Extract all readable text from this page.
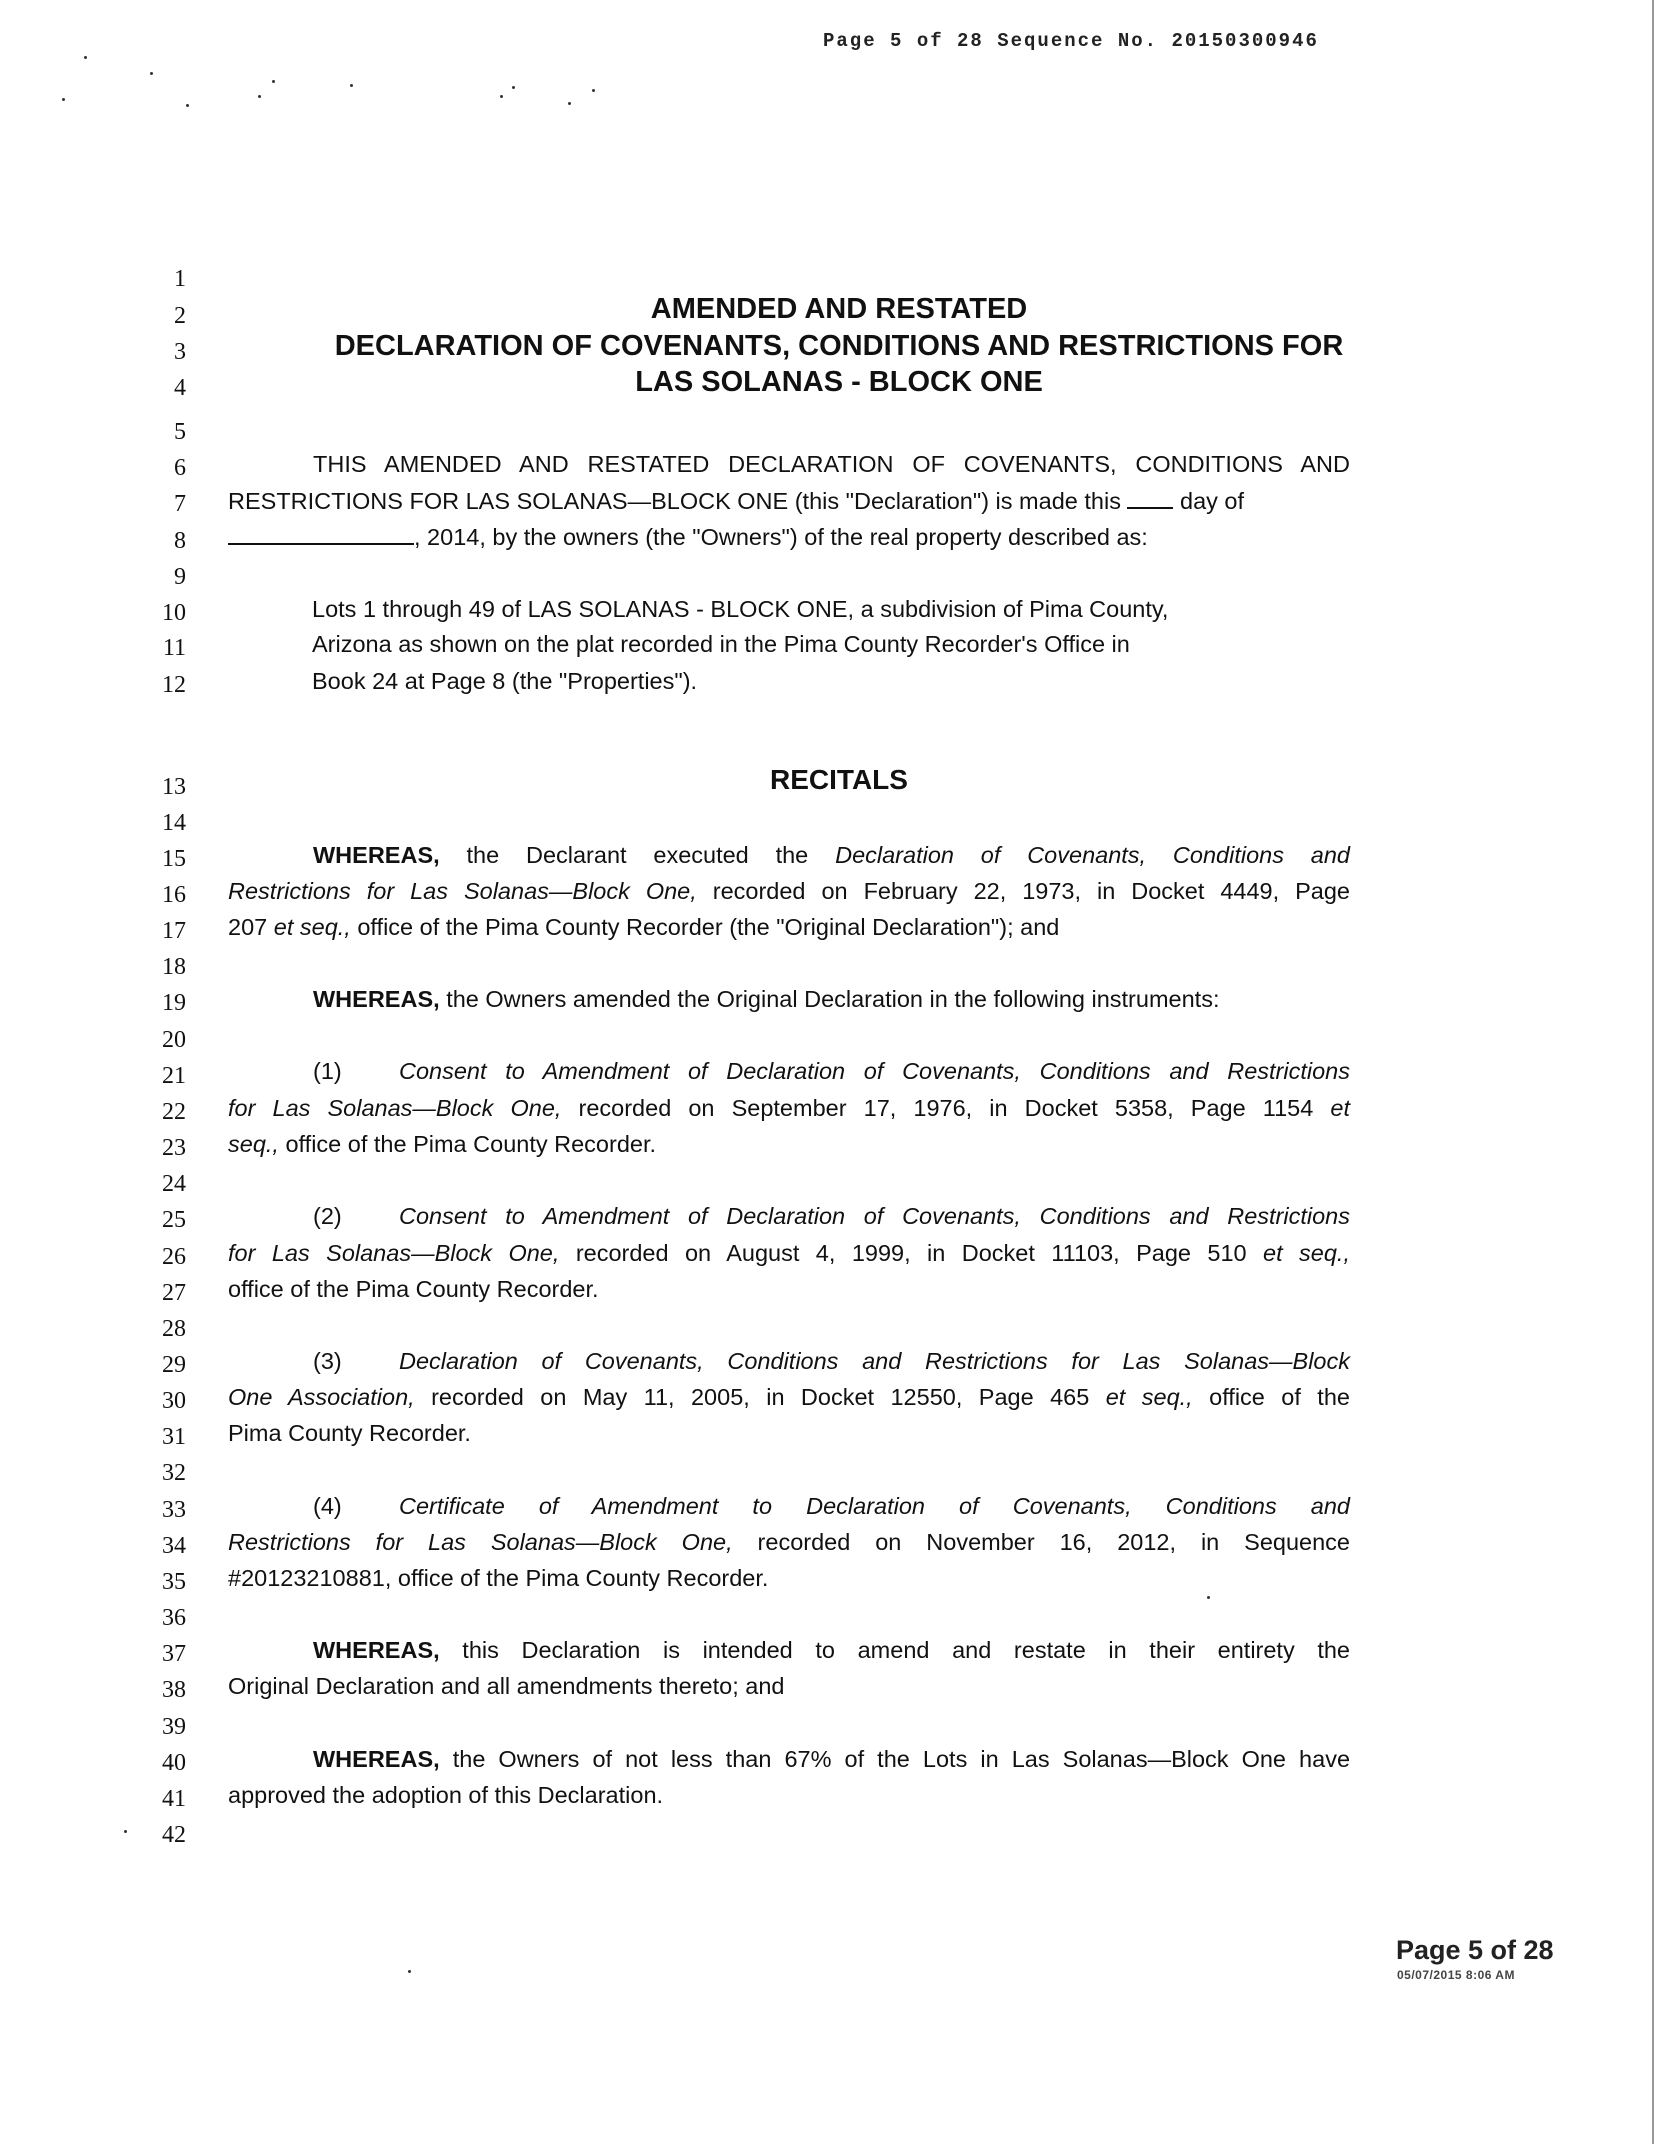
Page 5 of 28 Sequence No. 20150300946
1
2
3
4
5
6
7
8
9
10
11
12
13
14
15
16
17
18
19
20
21
22
23
24
25
26
27
28
29
30
31
32
33
34
35
36
37
38
39
40
41
42
AMENDED AND RESTATED
DECLARATION OF COVENANTS, CONDITIONS AND RESTRICTIONS FOR
LAS SOLANAS - BLOCK ONE
THIS AMENDED AND RESTATED DECLARATION OF COVENANTS, CONDITIONS AND
RESTRICTIONS FOR LAS SOLANAS—BLOCK ONE (this "Declaration") is made this	day of
, 2014, by the owners (the "Owners") of the real property described as:
Lots 1 through 49 of LAS SOLANAS - BLOCK ONE, a subdivision of Pima County,
Arizona as shown on the plat recorded in the Pima County Recorder's Office in
Book 24 at Page 8 (the "Properties").
RECITALS
WHEREAS, the Declarant executed the Declaration of Covenants, Conditions and
Restrictions for Las Solanas—Block One, recorded on February 22, 1973, in Docket 4449, Page
207 et seq., office of the Pima County Recorder (the "Original Declaration"); and
WHEREAS, the Owners amended the Original Declaration in the following instruments:
(1) Consent to Amendment of Declaration of Covenants, Conditions and Restrictions
for Las Solanas—Block One, recorded on September 17, 1976, in Docket 5358, Page 1154 et
seq., office of the Pima County Recorder.
(2) Consent to Amendment of Declaration of Covenants, Conditions and Restrictions
for Las Solanas—Block One, recorded on August 4, 1999, in Docket 11103, Page 510 et seq.,
office of the Pima County Recorder.
(3) Declaration of Covenants, Conditions and Restrictions for Las Solanas—Block
One Association, recorded on May 11, 2005, in Docket 12550, Page 465 et seq., office of the
Pima County Recorder.
(4) Certificate of Amendment to Declaration of Covenants, Conditions and
Restrictions for Las Solanas—Block One, recorded on November 16, 2012, in Sequence
#20123210881, office of the Pima County Recorder.
WHEREAS, this Declaration is intended to amend and restate in their entirety the
Original Declaration and all amendments thereto; and
WHEREAS, the Owners of not less than 67% of the Lots in Las Solanas—Block One have
approved the adoption of this Declaration.
Page 5 of 28
05/07/2015 8:06 AM
